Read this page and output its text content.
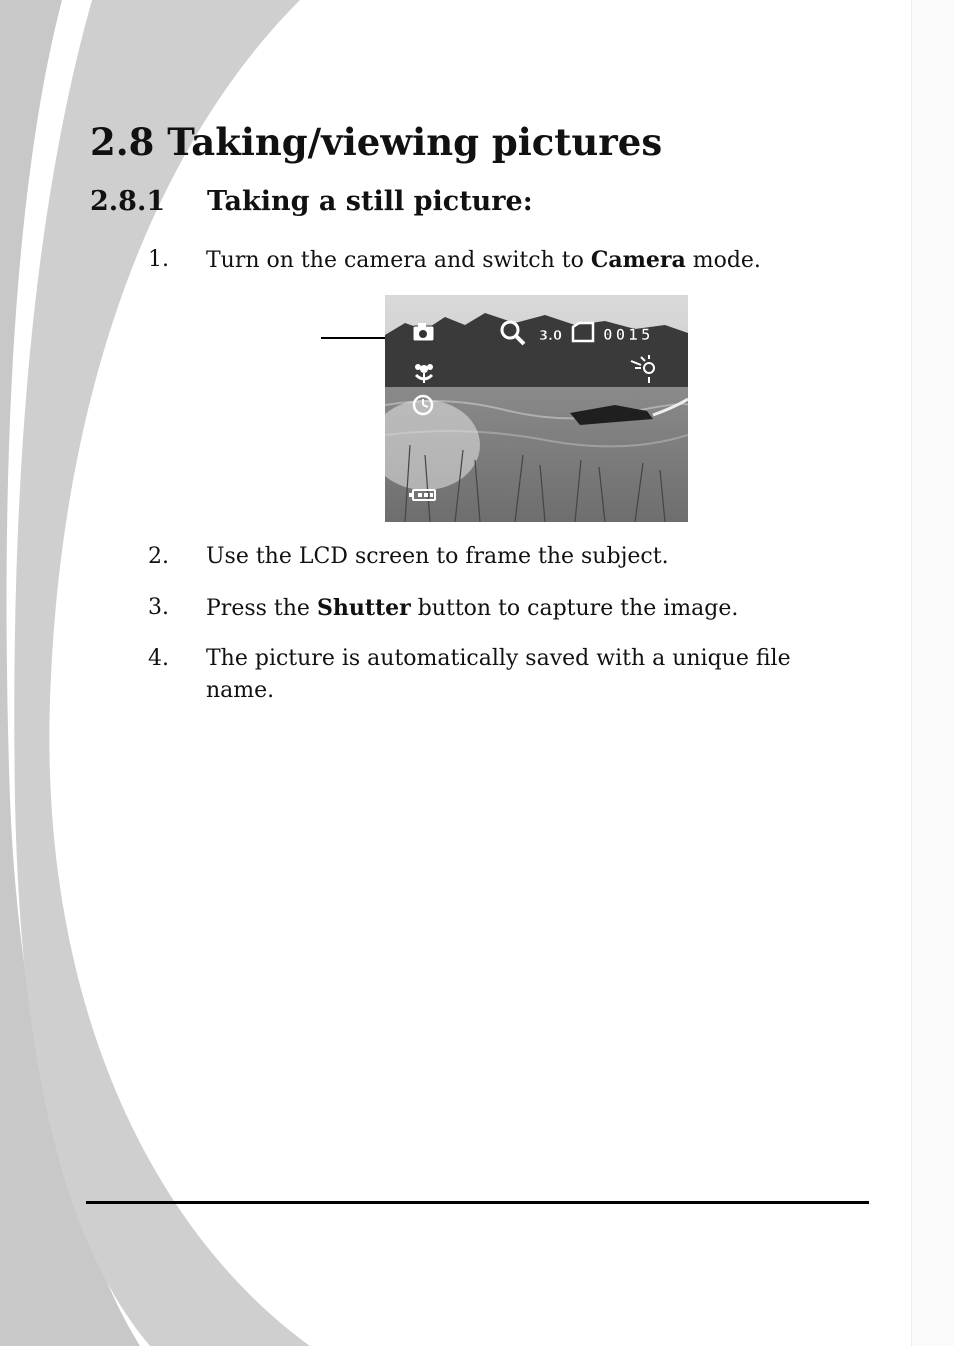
2.8 Taking/viewing pictures
2.8.1 Taking a still picture:
1. Turn on the camera and switch to Camera mode.
3.0	0015
2. Use the LCD screen to frame the subject.
3. Press the Shutter button to capture the image.
4. The picture is automatically saved with a unique file name.
